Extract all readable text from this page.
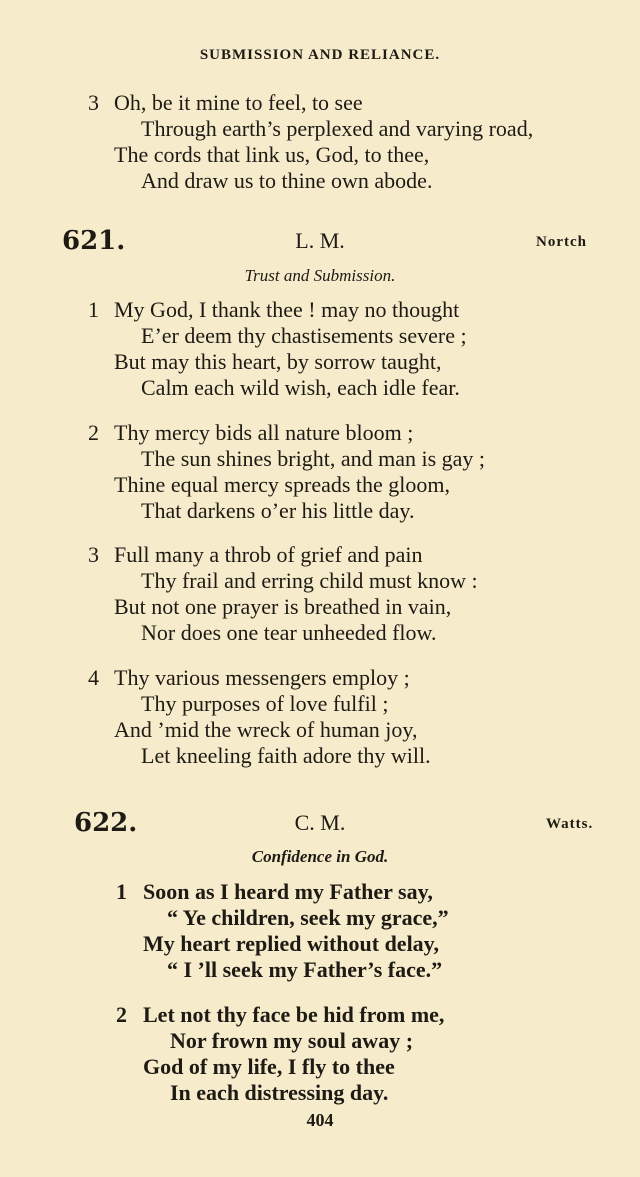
SUBMISSION AND RELIANCE.
3 Oh, be it mine to feel, to see
Through earth’s perplexed and varying road,
The cords that link us, God, to thee,
And draw us to thine own abode.
621.	L. M.	Nortch
Trust and Submission.
1 My God, I thank thee ! may no thought
E’er deem thy chastisements severe ;
But may this heart, by sorrow taught,
Calm each wild wish, each idle fear.
2 Thy mercy bids all nature bloom ;
The sun shines bright, and man is gay ;
Thine equal mercy spreads the gloom,
That darkens o’er his little day.
3 Full many a throb of grief and pain
Thy frail and erring child must know :
But not one prayer is breathed in vain,
Nor does one tear unheeded flow.
4 Thy various messengers employ ;
Thy purposes of love fulfil ;
And ’mid the wreck of human joy,
Let kneeling faith adore thy will.
622.	C. M.	Watts.
Confidence in God.
1 Soon as I heard my Father say,
“ Ye children, seek my grace,”
My heart replied without delay,
“ I ’ll seek my Father’s face.”
2 Let not thy face be hid from me,
Nor frown my soul away ;
God of my life, I fly to thee
In each distressing day.
404
